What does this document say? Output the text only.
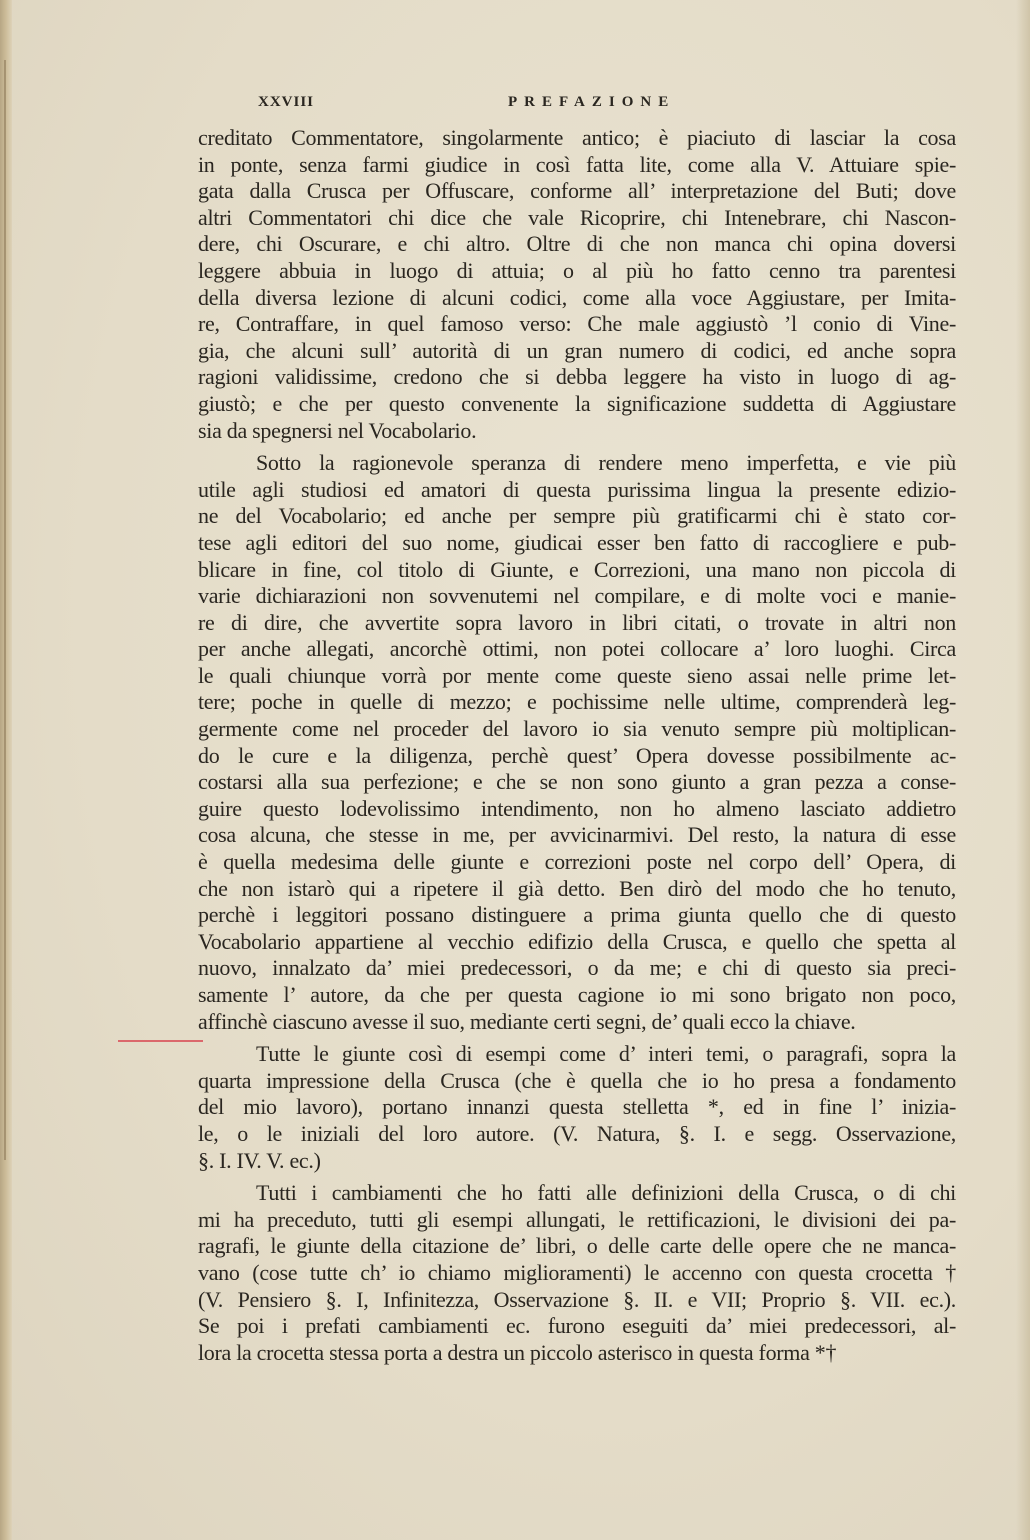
XXVIII	PREFAZIONE
creditato Commentatore, singolarmente antico; è piaciuto di lasciar la cosa
in ponte, senza farmi giudice in così fatta lite, come alla V. Attuiare spie-
gata dalla Crusca per Offuscare, conforme all’ interpretazione del Buti; dove
altri Commentatori chi dice che vale Ricoprire, chi Intenebrare, chi Nascon-
dere, chi Oscurare, e chi altro. Oltre di che non manca chi opina doversi
leggere abbuia in luogo di attuia; o al più ho fatto cenno tra parentesi
della diversa lezione di alcuni codici, come alla voce Aggiustare, per Imita-
re, Contraffare, in quel famoso verso: Che male aggiustò ’l conio di Vine-
gia, che alcuni sull’ autorità di un gran numero di codici, ed anche sopra
ragioni validissime, credono che si debba leggere ha visto in luogo di ag-
giustò; e che per questo convenente la significazione suddetta di Aggiustare
sia da spegnersi nel Vocabolario.
Sotto la ragionevole speranza di rendere meno imperfetta, e vie più
utile agli studiosi ed amatori di questa purissima lingua la presente edizio-
ne del Vocabolario; ed anche per sempre più gratificarmi chi è stato cor-
tese agli editori del suo nome, giudicai esser ben fatto di raccogliere e pub-
blicare in fine, col titolo di Giunte, e Correzioni, una mano non piccola di
varie dichiarazioni non sovvenutemi nel compilare, e di molte voci e manie-
re di dire, che avvertite sopra lavoro in libri citati, o trovate in altri non
per anche allegati, ancorchè ottimi, non potei collocare a’ loro luoghi. Circa
le quali chiunque vorrà por mente come queste sieno assai nelle prime let-
tere; poche in quelle di mezzo; e pochissime nelle ultime, comprenderà leg-
germente come nel proceder del lavoro io sia venuto sempre più moltiplican-
do le cure e la diligenza, perchè quest’ Opera dovesse possibilmente ac-
costarsi alla sua perfezione; e che se non sono giunto a gran pezza a conse-
guire questo lodevolissimo intendimento, non ho almeno lasciato addietro
cosa alcuna, che stesse in me, per avvicinarmivi. Del resto, la natura di esse
è quella medesima delle giunte e correzioni poste nel corpo dell’ Opera, di
che non istarò qui a ripetere il già detto. Ben dirò del modo che ho tenuto,
perchè i leggitori possano distinguere a prima giunta quello che di questo
Vocabolario appartiene al vecchio edifizio della Crusca, e quello che spetta al
nuovo, innalzato da’ miei predecessori, o da me; e chi di questo sia preci-
samente l’ autore, da che per questa cagione io mi sono brigato non poco,
affinchè ciascuno avesse il suo, mediante certi segni, de’ quali ecco la chiave.
Tutte le giunte così di esempi come d’ interi temi, o paragrafi, sopra la
quarta impressione della Crusca (che è quella che io ho presa a fondamento
del mio lavoro), portano innanzi questa stelletta *, ed in fine l’ inizia-
le, o le iniziali del loro autore. (V. Natura, §. I. e segg. Osservazione,
§. I. IV. V. ec.)
Tutti i cambiamenti che ho fatti alle definizioni della Crusca, o di chi
mi ha preceduto, tutti gli esempi allungati, le rettificazioni, le divisioni dei pa-
ragrafi, le giunte della citazione de’ libri, o delle carte delle opere che ne manca-
vano (cose tutte ch’ io chiamo miglioramenti) le accenno con questa crocetta †
(V. Pensiero §. I, Infinitezza, Osservazione §. II. e VII; Proprio §. VII. ec.).
Se poi i prefati cambiamenti ec. furono eseguiti da’ miei predecessori, al-
lora la crocetta stessa porta a destra un piccolo asterisco in questa forma *†
